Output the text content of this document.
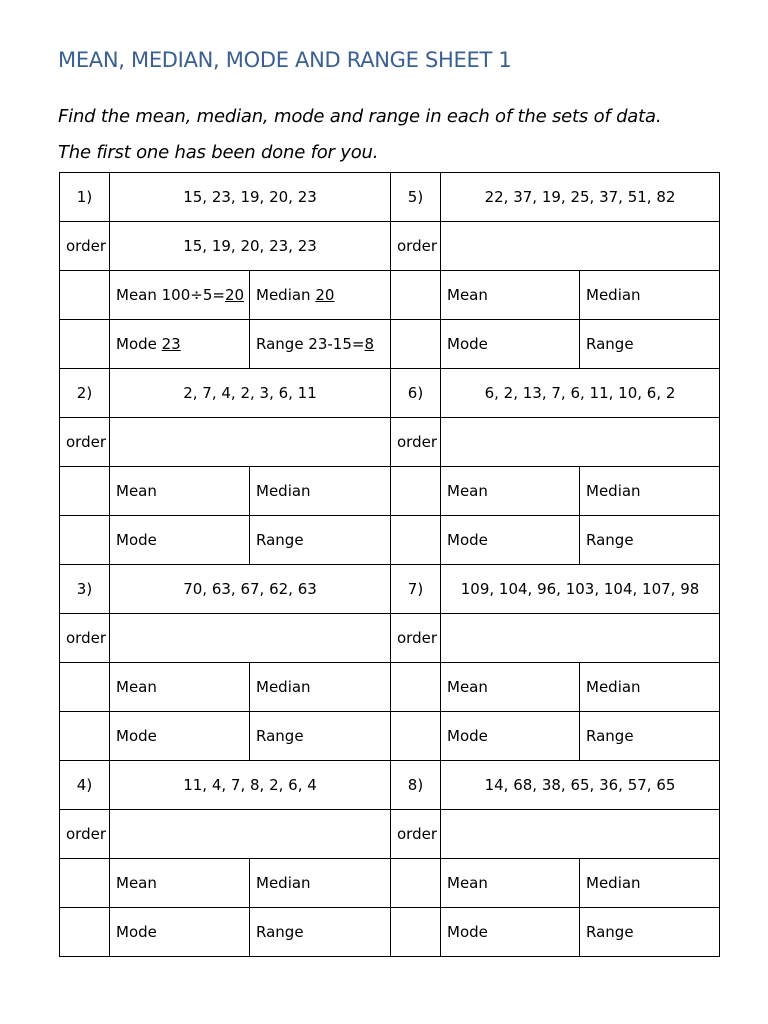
MEAN, MEDIAN, MODE AND RANGE SHEET 1
Find the mean, median, mode and range in each of the sets of data.
The first one has been done for you.
1)	15, 23, 19, 20, 23		5)	22, 37, 19, 25, 37, 51, 82	
order	15, 19, 20, 23, 23		order		
	Mean 100÷5=20	Median 20		Mean	Median
	Mode 23	Range 23-15=8		Mode	Range
2)	2, 7, 4, 2, 3, 6, 11		6)	6, 2, 13, 7, 6, 11, 10, 6, 2	
order			order		
	Mean	Median		Mean	Median
	Mode	Range		Mode	Range
3)	70, 63, 67, 62, 63		7)	109, 104, 96, 103, 104, 107, 98	
order			order		
	Mean	Median		Mean	Median
	Mode	Range		Mode	Range
4)	11, 4, 7, 8, 2, 6, 4		8)	14, 68, 38, 65, 36, 57, 65	
order			order		
	Mean	Median		Mean	Median
	Mode	Range		Mode	Range
